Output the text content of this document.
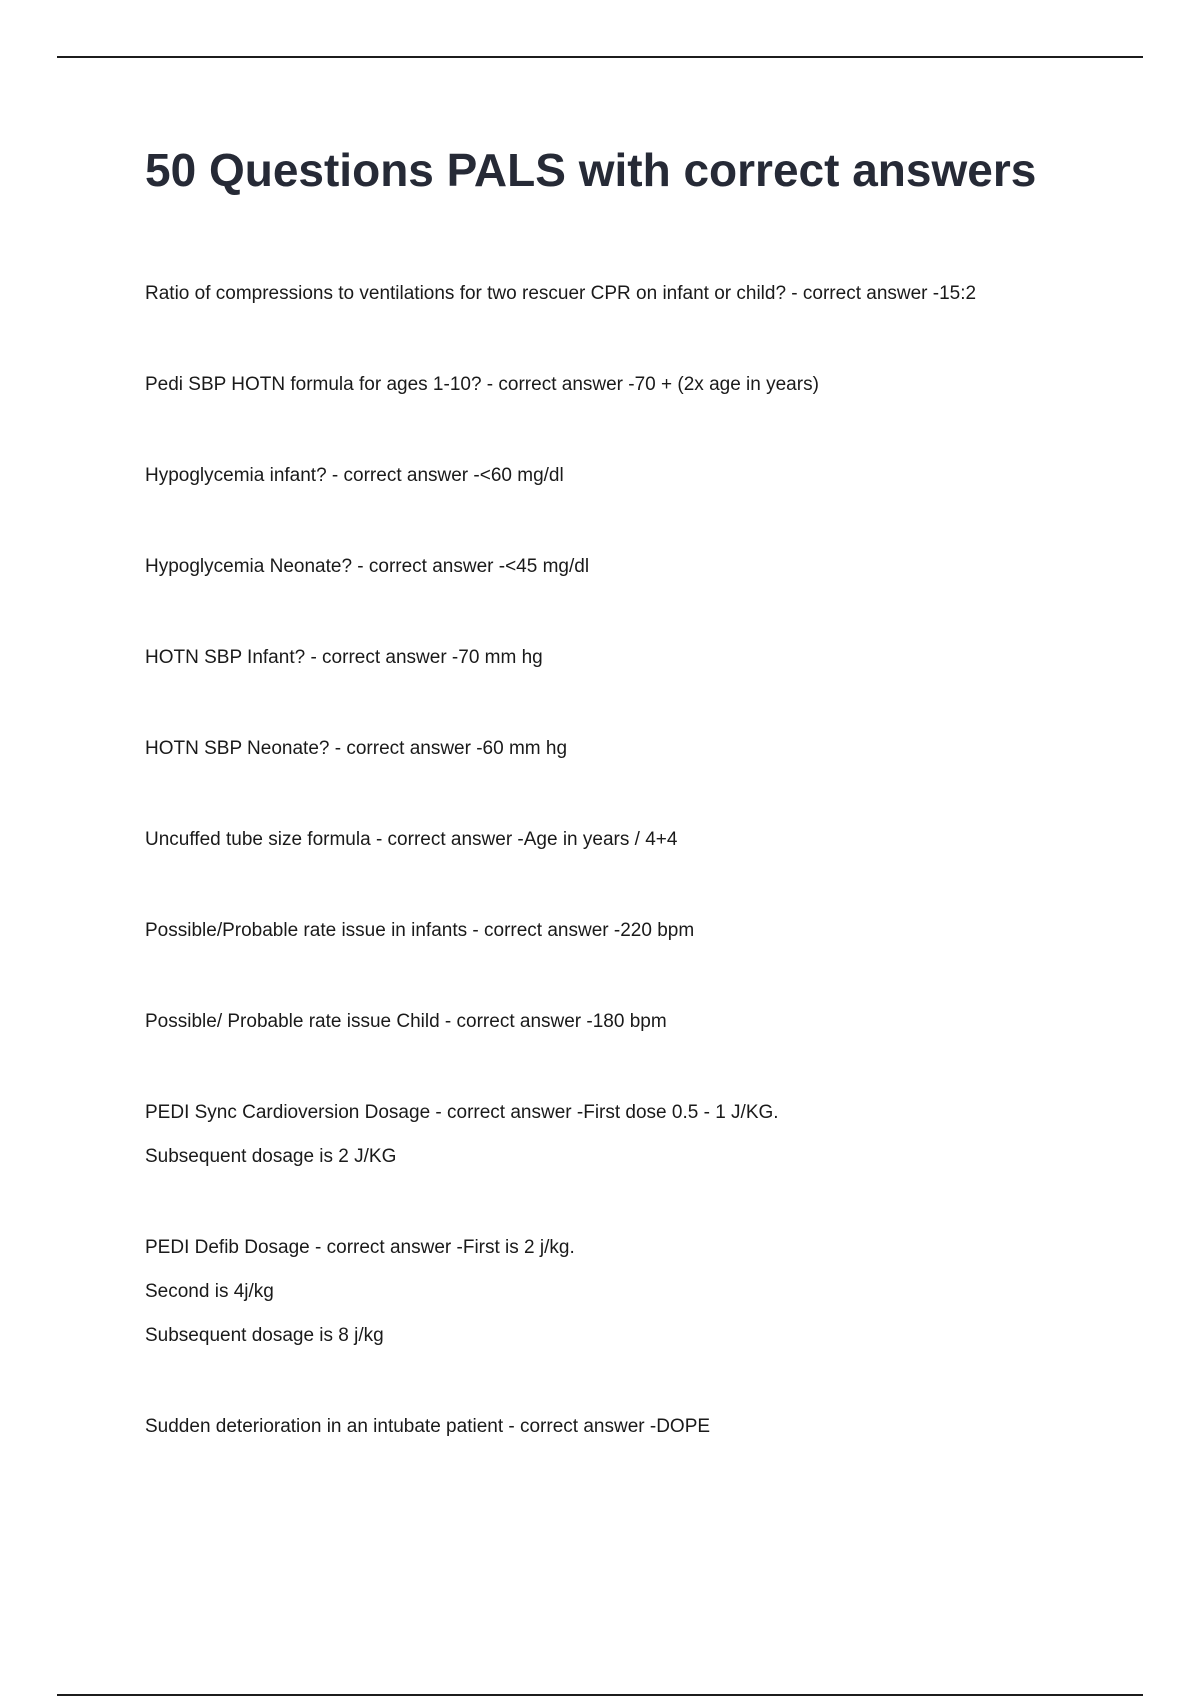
50 Questions PALS with correct answers

Ratio of compressions to ventilations for two rescuer CPR on infant or child? - correct answer -15:2

Pedi SBP HOTN formula for ages 1-10? - correct answer -70 + (2x age in years)

Hypoglycemia infant? - correct answer -<60 mg/dl

Hypoglycemia Neonate? - correct answer -<45 mg/dl

HOTN SBP Infant? - correct answer -70 mm hg

HOTN SBP Neonate? - correct answer -60 mm hg

Uncuffed tube size formula - correct answer -Age in years / 4+4

Possible/Probable rate issue in infants - correct answer -220 bpm

Possible/ Probable rate issue Child - correct answer -180 bpm

PEDI Sync Cardioversion Dosage - correct answer -First dose 0.5 - 1 J/KG.
Subsequent dosage is 2 J/KG

PEDI Defib Dosage - correct answer -First is 2 j/kg.
Second is 4j/kg
Subsequent dosage is 8 j/kg

Sudden deterioration in an intubate patient - correct answer -DOPE
